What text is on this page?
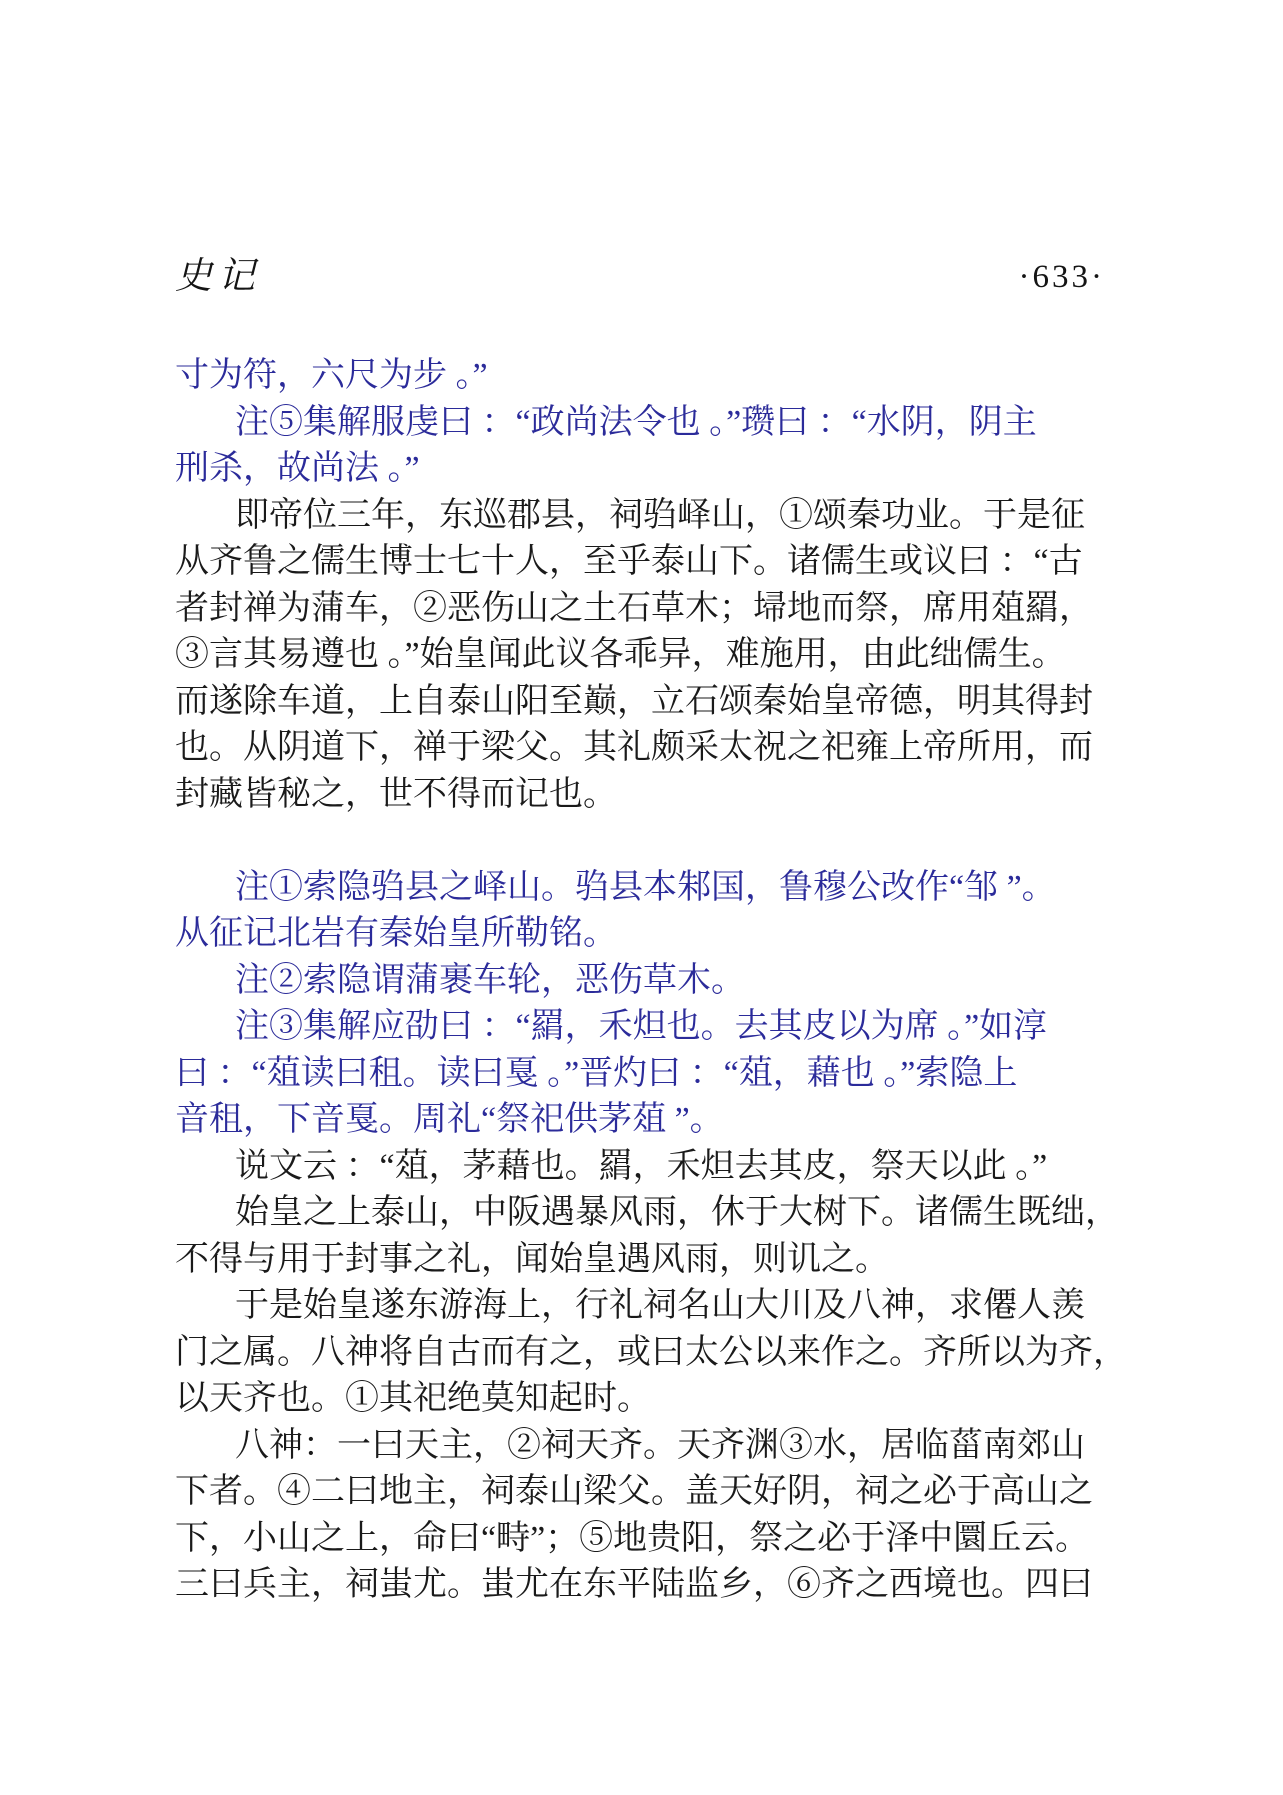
史记	·633·
寸为符，六尺为步 。”
注⑤集解服虔曰 ：“政尚法令也 。”瓒曰 ：“水阴，阴主
刑杀，故尚法 。”
即帝位三年，东巡郡县，祠驺峄山，①颂秦功业。于是征
从齐鲁之儒生博士七十人，至乎泰山下。诸儒生或议曰 ：“古
者封禅为蒲车，②恶伤山之土石草木；埽地而祭，席用葅羂，
③言其易遵也 。”始皇闻此议各乖异，难施用，由此绌儒生。
而遂除车道，上自泰山阳至巅，立石颂秦始皇帝德，明其得封
也。从阴道下，禅于梁父。其礼颇采太祝之祀雍上帝所用，而
封藏皆秘之，世不得而记也。
注①索隐驺县之峄山。驺县本邾国，鲁穆公改作“邹 ”。
从征记北岩有秦始皇所勒铭。
注②索隐谓蒲裹车轮，恶伤草木。
注③集解应劭曰 ：“羂，禾炟也。去其皮以为席 。”如淳
曰 ：“葅读曰租。读曰戛 。”晋灼曰 ：“葅，藉也 。”索隐上
音租，下音戛。周礼“祭祀供茅葅 ”。
说文云 ：“葅，茅藉也。羂，禾炟去其皮，祭天以此 。”
始皇之上泰山，中阪遇暴风雨，休于大树下。诸儒生既绌，
不得与用于封事之礼，闻始皇遇风雨，则讥之。
于是始皇遂东游海上，行礼祠名山大川及八神，求僊人羡
门之属。八神将自古而有之，或曰太公以来作之。齐所以为齐，
以天齐也。①其祀绝莫知起时。
八神：一曰天主，②祠天齐。天齐渊③水，居临菑南郊山
下者。④二曰地主，祠泰山梁父。盖天好阴，祠之必于高山之
下，小山之上，命曰“畤”；⑤地贵阳，祭之必于泽中圜丘云。
三曰兵主，祠蚩尤。蚩尤在东平陆监乡，⑥齐之西境也。四曰
